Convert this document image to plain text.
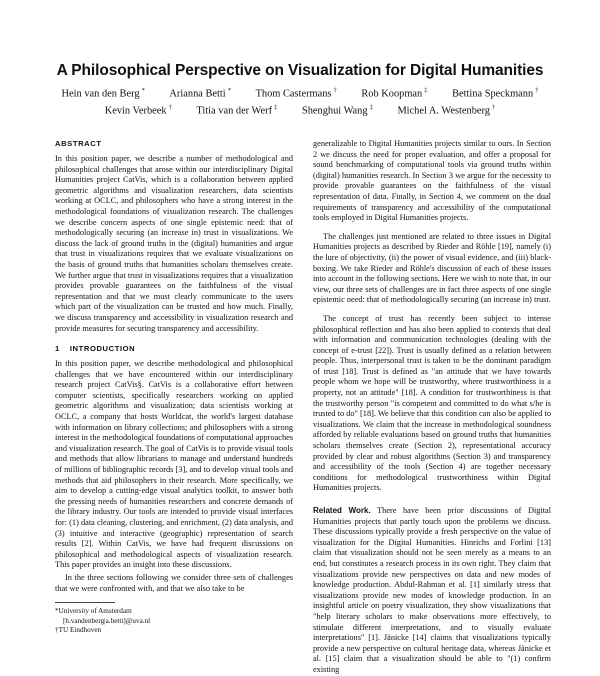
A Philosophical Perspective on Visualization for Digital Humanities
Hein van den Berg * Arianna Betti * Thom Castermans † Rob Koopman ‡ Bettina Speckmann †
Kevin Verbeek † Titia van der Werf ‡ Shenghui Wang ‡ Michel A. Westenberg †
ABSTRACT

In this position paper, we describe a number of methodological and philosophical challenges that arose within our interdisciplinary Digital Humanities project CatVis, which is a collaboration between applied geometric algorithms and visualization researchers, data scientists working at OCLC, and philosophers who have a strong interest in the methodological foundations of visualization research. The challenges we describe concern aspects of one single epistemic need: that of methodologically securing (an increase in) trust in visualizations. We discuss the lack of ground truths in the (digital) humanities and argue that trust in visualizations requires that we evaluate visualizations on the basis of ground truths that humanities scholars themselves create. We further argue that trust in visualizations requires that a visualization provides provable guarantees on the faithfulness of the visual representation and that we must clearly communicate to the users which part of the visualization can be trusted and how much. Finally, we discuss transparency and accessibility in visualization research and provide measures for securing transparency and accessibility.

1 INTRODUCTION

In this position paper, we describe methodological and philosophical challenges that we have encountered within our interdisciplinary research project CatVis§. CatVis is a collaborative effort between computer scientists, specifically researchers working on applied geometric algorithms and visualization; data scientists working at OCLC, a company that hosts Worldcat, the world's largest database with information on library collections; and philosophers with a strong interest in the methodological foundations of computational approaches and visualization research. The goal of CatVis is to provide visual tools and methods that allow librarians to manage and understand hundreds of millions of bibliographic records [3], and to develop visual tools and methods that aid philosophers in their research. More specifically, we aim to develop a cutting-edge visual analytics toolkit, to answer both the pressing needs of humanities researchers and concrete demands of the library industry. Our tools are intended to provide visual interfaces for: (1) data cleaning, clustering, and enrichment, (2) data analysis, and (3) intuitive and interactive (geographic) representation of search results [2]. Within CatVis, we have had frequent discussions on philosophical and methodological aspects of visualization research. This paper provides an insight into these discussions.

In the three sections following we consider three sets of challenges that we were confronted with, and that we also take to be

*University of Amsterdam
[h.vandenberg|a.betti]@uva.nl
†TU Eindhoven

generalizable to Digital Humanities projects similar to ours. In Section 2 we discuss the need for proper evaluation, and offer a proposal for sound benchmarking of computational tools via ground truths within (digital) humanities research. In Section 3 we argue for the necessity to provide provable guarantees on the faithfulness of the visual representation of data. Finally, in Section 4, we comment on the dual requirements of transparency and accessibility of the computational tools employed in Digital Humanities projects.

The challenges just mentioned are related to three issues in Digital Humanities projects as described by Rieder and Röhle [19], namely (i) the lure of objectivity, (ii) the power of visual evidence, and (iii) black-boxing. We take Rieder and Röhle's discussion of each of these issues into account in the following sections. Here we wish to note that, in our view, our three sets of challenges are in fact three aspects of one single epistemic need: that of methodologically securing (an increase in) trust.

The concept of trust has recently been subject to intense philosophical reflection and has also been applied to contexts that deal with information and communication technologies (dealing with the concept of e-trust [22]). Trust is usually defined as a relation between people. Thus, interpersonal trust is taken to be the dominant paradigm of trust [18]. Trust is defined as "an attitude that we have towards people whom we hope will be trustworthy, where trustworthiness is a property, not an attitude" [18]. A condition for trustworthiness is that the trustworthy person "is competent and committed to do what s/he is trusted to do" [18]. We believe that this condition can also be applied to visualizations. We claim that the increase in methodological soundness afforded by reliable evaluations based on ground truths that humanities scholars themselves create (Section 2), representational accuracy provided by clear and robust algorithms (Section 3) and transparency and accessibility of the tools (Section 4) are together necessary conditions for methodological trustworthiness within Digital Humanities projects.

Related Work. There have been prior discussions of Digital Humanities projects that partly touch upon the problems we discuss. These discussions typically provide a fresh perspective on the value of visualization for the Digital Humanities. Hinrichs and Forlini [13] claim that visualization should not be seen merely as a means to an end, but constitutes a research process in its own right. They claim that visualizations provide new perspectives on data and new modes of knowledge production. Abdul-Rahman et al. [1] similarly stress that visualizations provide new modes of knowledge production. In an insightful article on poetry visualization, they show visualizations that "help literary scholars to make observations more effectively, to stimulate different interpretations, and to visually evaluate interpretations" [1]. Jänicke [14] claims that visualizations typically provide a new perspective on cultural heritage data, whereas Jänicke et al. [15] claim that a visualization should be able to "(1) confirm existing
